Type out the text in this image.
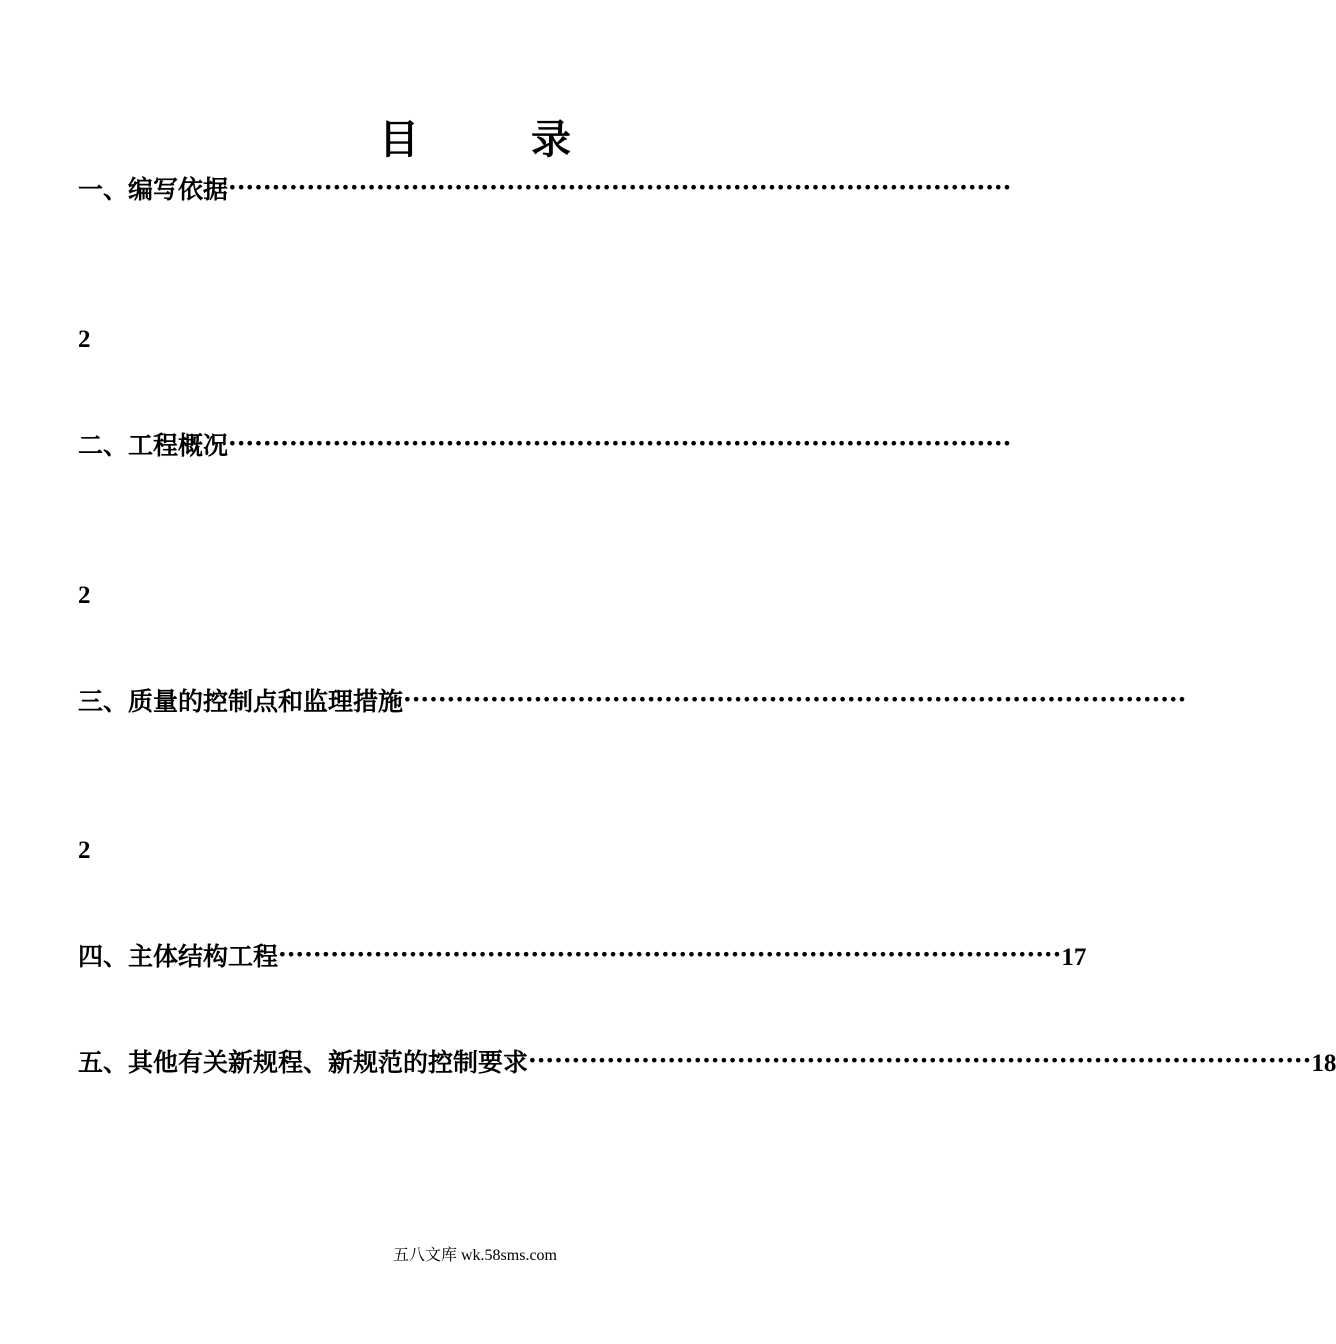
目　录
一、编写依据 ··························································································
2
二、工程概况 ··························································································
2
三、质量的控制点和监理措施 ··························································································
2
四、主体结构工程 ·························································································· 17
五、其他有关新规程、新规范的控制要求 ·························································································· 18
五八文库 wk.58sms.com
